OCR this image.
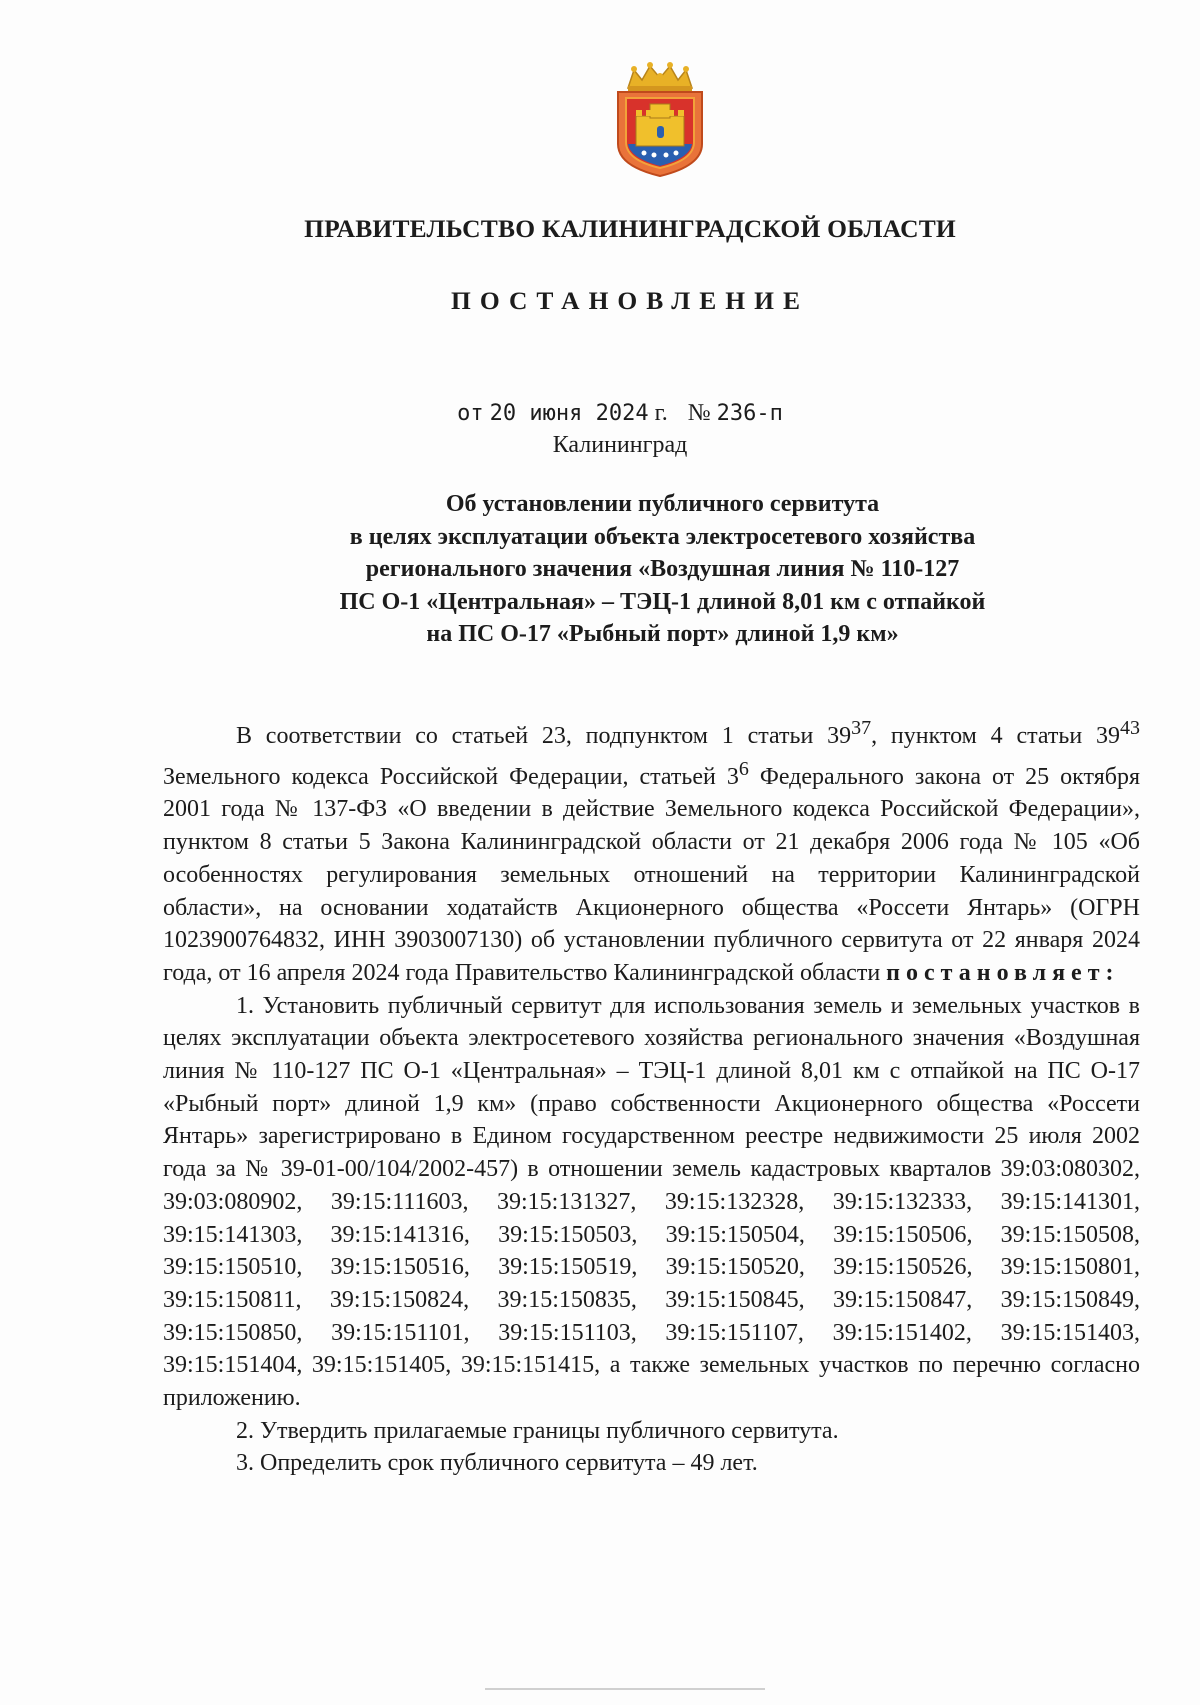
ПРАВИТЕЛЬСТВО КАЛИНИНГРАДСКОЙ ОБЛАСТИ
ПОСТАНОВЛЕНИЕ
от 20 июня 2024 г. № 236-п
Калининград
Об установлении публичного сервитута
в целях эксплуатации объекта электросетевого хозяйства
регионального значения «Воздушная линия № 110-127
ПС О-1 «Центральная» – ТЭЦ-1 длиной 8,01 км с отпайкой
на ПС О-17 «Рыбный порт» длиной 1,9 км»

В соответствии со статьей 23, подпунктом 1 статьи $39^{37}$, пунктом 4 статьи $39^{43}$ Земельного кодекса Российской Федерации, статьей $3^6$ Федерального закона от 25 октября 2001 года № 137-ФЗ «О введении в действие Земельного кодекса Российской Федерации», пунктом 8 статьи 5 Закона Калининградской области от 21 декабря 2006 года № 105 «Об особенностях регулирования земельных отношений на территории Калининградской области», на основании ходатайств Акционерного общества «Россети Янтарь» (ОГРН 1023900764832, ИНН 3903007130) об установлении публичного сервитута от 22 января 2024 года, от 16 апреля 2024 года Правительство Калининградской области постановляет:

1. Установить публичный сервитут для использования земель и земельных участков в целях эксплуатации объекта электросетевого хозяйства регионального значения «Воздушная линия № 110-127 ПС О-1 «Центральная» – ТЭЦ-1 длиной 8,01 км с отпайкой на ПС О-17 «Рыбный порт» длиной 1,9 км» (право собственности Акционерного общества «Россети Янтарь» зарегистрировано в Едином государственном реестре недвижимости 25 июля 2002 года за № 39-01-00/104/2002-457) в отношении земель кадастровых кварталов 39:03:080302, 39:03:080902, 39:15:111603, 39:15:131327, 39:15:132328, 39:15:132333, 39:15:141301, 39:15:141303, 39:15:141316, 39:15:150503, 39:15:150504, 39:15:150506, 39:15:150508, 39:15:150510, 39:15:150516, 39:15:150519, 39:15:150520, 39:15:150526, 39:15:150801, 39:15:150811, 39:15:150824, 39:15:150835, 39:15:150845, 39:15:150847, 39:15:150849, 39:15:150850, 39:15:151101, 39:15:151103, 39:15:151107, 39:15:151402, 39:15:151403, 39:15:151404, 39:15:151405, 39:15:151415, а также земельных участков по перечню согласно приложению.

2. Утвердить прилагаемые границы публичного сервитута.

3. Определить срок публичного сервитута – 49 лет.
